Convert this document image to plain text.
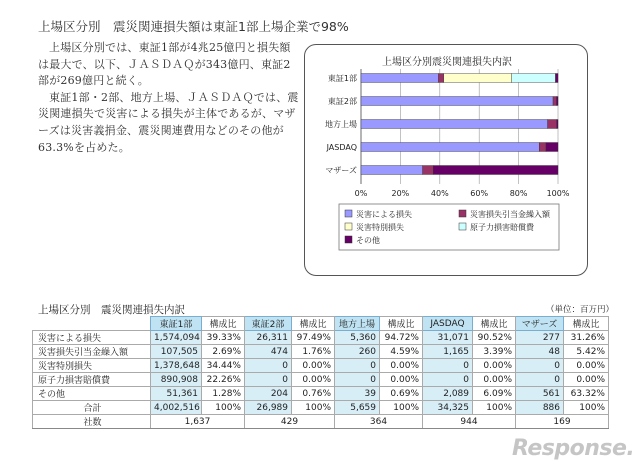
上場区分別　震災関連損失額は東証1部上場企業で98%

上場区分別では、東証1部が4兆25億円と損失額は最大で、以下、ＪＡＳＤＡＱが343億円、東証2部が269億円と続く。

東証1部・2部、地方上場、ＪＡＳＤＡＱでは、震災関連損失で災害による損失が主体であるが、マザーズは災害義捐金、震災関連費用などのその他が63.3%を占めた。

上場区分別震災関連損失内訳
0%	20%	40%	60%	80% 100%
東証1部
東証2部
地方上場
JASDAQ
マザーズ
災害による損失	災害損失引当金繰入額
災害特別損失	原子力損害賠償費
その他
上場区分別　震災関連損失内訳	（単位：百万円）
	東証1部	構成比	東証2部	構成比	地方上場	構成比	JASDAQ	構成比	マザーズ	構成比
災害による損失	1,574,094	39.33%	26,311	97.49%	5,360	94.72%	31,071	90.52%	277	31.26%
災害損失引当金繰入額	107,505	2.69%	474	1.76%	260	4.59%	1,165	3.39%	48	5.42%
災害特別損失	1,378,648	34.44%	0	0.00%	0	0.00%	0	0.00%	0	0.00%
原子力損害賠償費	890,908	22.26%	0	0.00%	0	0.00%	0	0.00%	0	0.00%
その他	51,361	1.28%	204	0.76%	39	0.69%	2,089	6.09%	561	63.32%
合計	4,002,516	100%	26,989	100%	5,659	100%	34,325	100%	886	100%
社数	1,637		429		364		944		169	
Response.
